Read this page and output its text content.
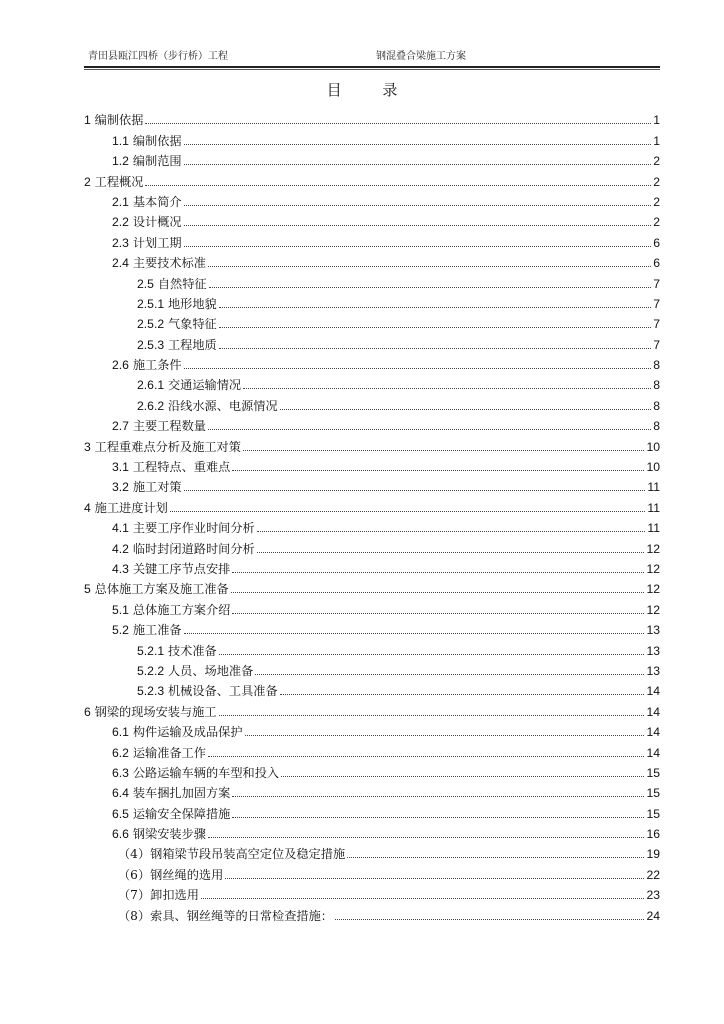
青田县瓯江四桥（步行桥）工程	钢混叠合梁施工方案
目 录
1 编制依据	1
1.1 编制依据	1
1.2 编制范围	2
2 工程概况	2
2.1 基本简介	2
2.2 设计概况	2
2.3 计划工期	6
2.4 主要技术标准	6
2.5 自然特征	7
2.5.1 地形地貌	7
2.5.2 气象特征	7
2.5.3 工程地质	7
2.6 施工条件	8
2.6.1 交通运输情况	8
2.6.2 沿线水源、电源情况	8
2.7 主要工程数量	8
3 工程重难点分析及施工对策	10
3.1 工程特点、重难点	10
3.2 施工对策	11
4 施工进度计划	11
4.1 主要工序作业时间分析	11
4.2 临时封闭道路时间分析	12
4.3 关键工序节点安排	12
5 总体施工方案及施工准备	12
5.1 总体施工方案介绍	12
5.2 施工准备	13
5.2.1 技术准备	13
5.2.2 人员、场地准备	13
5.2.3 机械设备、工具准备	14
6 钢梁的现场安装与施工	14
6.1 构件运输及成品保护	14
6.2 运输准备工作	14
6.3 公路运输车辆的车型和投入	15
6.4 装车捆扎加固方案	15
6.5 运输安全保障措施	15
6.6 钢梁安装步骤	16
（4）钢箱梁节段吊装高空定位及稳定措施	19
（6）钢丝绳的选用	22
（7）卸扣选用	23
（8）索具、钢丝绳等的日常检查措施：	24
